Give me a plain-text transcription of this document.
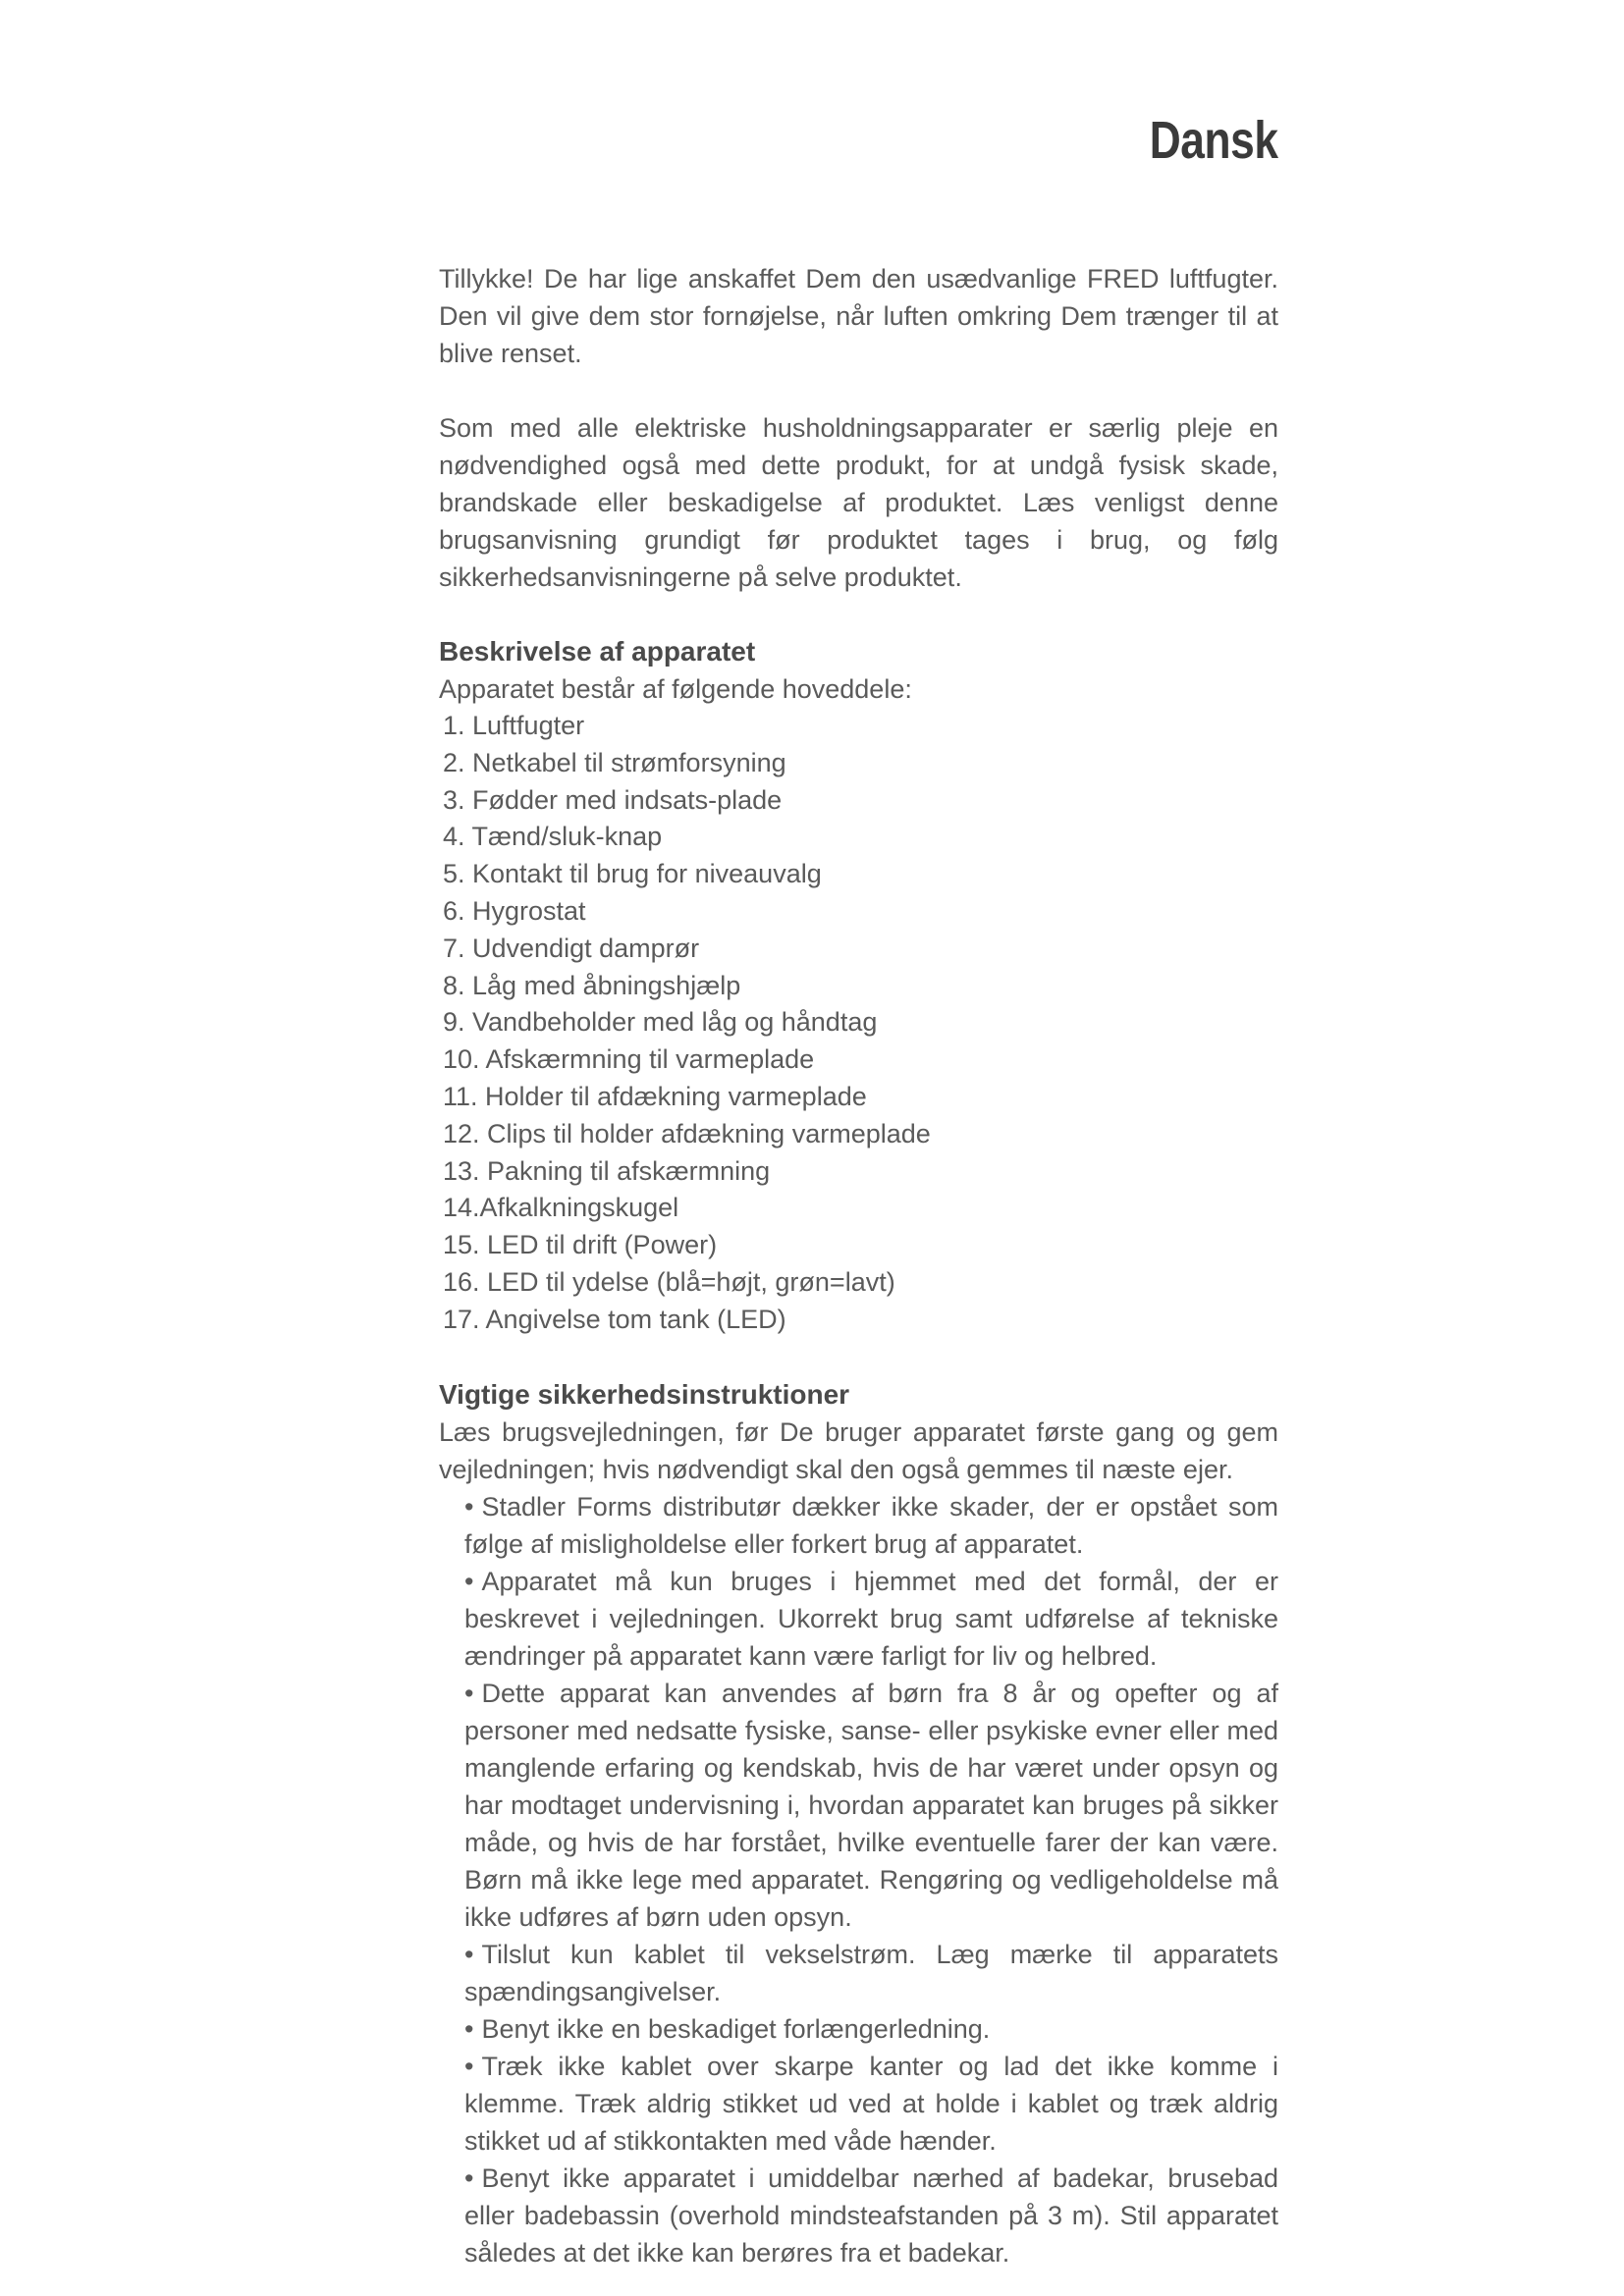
Dansk

Tillykke! De har lige anskaffet Dem den usædvanlige FRED luftfugter. Den vil give dem stor fornøjelse, når luften omkring Dem trænger til at blive renset.

Som med alle elektriske husholdningsapparater er særlig pleje en nødvendighed også med dette produkt, for at undgå fysisk skade, brandskade eller beskadigelse af produktet. Læs venligst denne brugsanvisning grundigt før produktet tages i brug, og følg sikkerhedsanvisningerne på selve produktet.

Beskrivelse af apparatet

Apparatet består af følgende hoveddele:

1. Luftfugter
2. Netkabel til strømforsyning
3. Fødder med indsats-plade
4. Tænd/sluk-knap
5. Kontakt til brug for niveauvalg
6. Hygrostat
7. Udvendigt damprør
8. Låg med åbningshjælp
9. Vandbeholder med låg og håndtag
10. Afskærmning til varmeplade
11. Holder til afdækning varmeplade
12. Clips til holder afdækning varmeplade
13. Pakning til afskærmning
14.Afkalkningskugel
15. LED til drift (Power)
16. LED til ydelse (blå=højt, grøn=lavt)
17. Angivelse tom tank (LED)
Vigtige sikkerhedsinstruktioner

Læs brugsvejledningen, før De bruger apparatet første gang og gem vejledningen; hvis nødvendigt skal den også gemmes til næste ejer.

• Stadler Forms distributør dækker ikke skader, der er opstået som følge af misligholdelse eller forkert brug af apparatet.
• Apparatet må kun bruges i hjemmet med det formål, der er beskrevet i vejledningen. Ukorrekt brug samt udførelse af tekniske ændringer på apparatet kann være farligt for liv og helbred.
• Dette apparat kan anvendes af børn fra 8 år og opefter og af personer med nedsatte fysiske, sanse- eller psykiske evner eller med manglende erfaring og kendskab, hvis de har været under opsyn og har modtaget undervisning i, hvordan apparatet kan bruges på sikker måde, og hvis de har forstået, hvilke eventuelle farer der kan være. Børn må ikke lege med apparatet. Rengøring og vedligeholdelse må ikke udføres af børn uden opsyn.
• Tilslut kun kablet til vekselstrøm. Læg mærke til apparatets spændingsangivelser.
• Benyt ikke en beskadiget forlængerledning.
• Træk ikke kablet over skarpe kanter og lad det ikke komme i klemme. Træk aldrig stikket ud ved at holde i kablet og træk aldrig stikket ud af stikkontakten med våde hænder.
• Benyt ikke apparatet i umiddelbar nærhed af badekar, brusebad eller badebassin (overhold mindsteafstanden på 3 m). Stil apparatet således at det ikke kan berøres fra et badekar.
